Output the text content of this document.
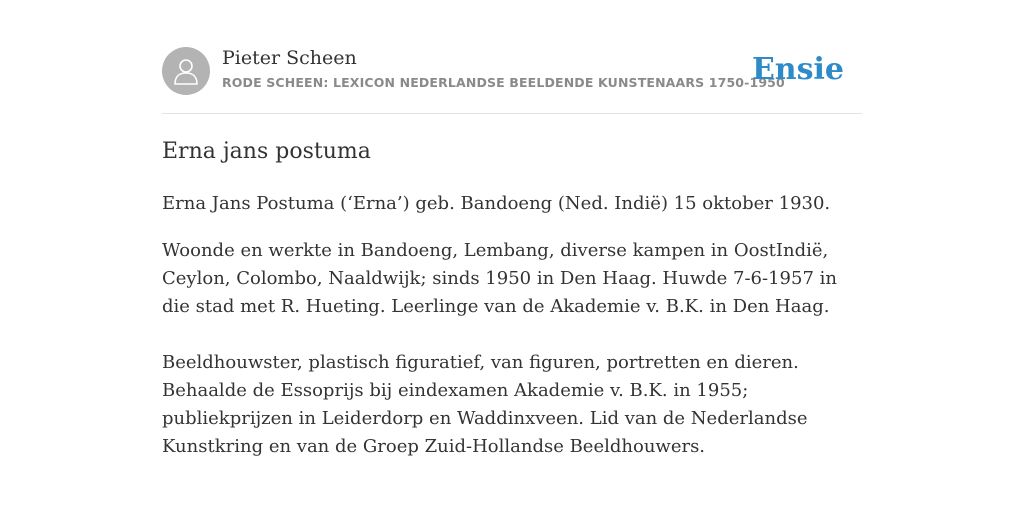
Pieter Scheen
RODE SCHEEN: LEXICON NEDERLANDSE BEELDENDE KUNSTENAARS 1750-1950
Ensie
Erna jans postuma

Erna Jans Postuma (‘Erna’) geb. Bandoeng (Ned. Indië) 15 oktober 1930.

Woonde en werkte in Bandoeng, Lembang, diverse kampen in OostIndië, Ceylon, Colombo, Naaldwijk; sinds 1950 in Den Haag. Huwde 7-6-1957 in die stad met R. Hueting. Leerlinge van de Akademie v. B.K. in Den Haag.

Beeldhouwster, plastisch figuratief, van figuren, portretten en dieren. Behaalde de Essoprijs bij eindexamen Akademie v. B.K. in 1955; publiekprijzen in Leiderdorp en Waddinxveen. Lid van de Nederlandse Kunstkring en van de Groep Zuid-Hollandse Beeldhouwers.
